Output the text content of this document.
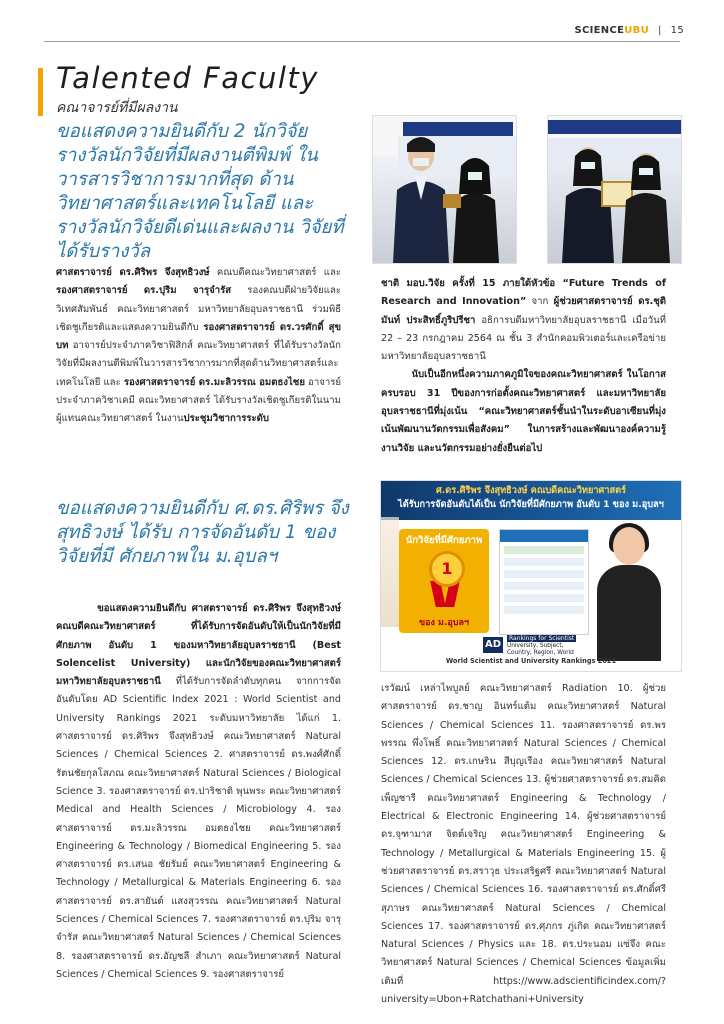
SCIENCEUBU | 15
Talented Faculty
คณาจารย์ที่มีผลงาน
ขอแสดงความยินดีกับ 2 นักวิจัย รางวัลนักวิจัยที่มีผลงานตีพิมพ์ ในวารสารวิชาการมากที่สุด ด้าน วิทยาศาสตร์และเทคโนโลยี และ รางวัลนักวิจัยดีเด่นและผลงาน วิจัยที่ได้รับรางวัล
ศาสตราจารย์ ดร.ศิริพร จึงสุทธิวงษ์ คณบดีคณะวิทยาศาสตร์ และ รองศาสตราจารย์ ดร.ปุริม จารุจำรัส รองคณบดีฝ่ายวิจัยและวิเทศสัมพันธ์ คณะวิทยาศาสตร์ มหาวิทยาลัยอุบลราชธานี ร่วมพิธีเชิดชูเกียรติและแสดงความยินดีกับ รองศาสตราจารย์ ดร.วรศักดิ์ สุขบท อาจารย์ประจำภาควิชาฟิสิกส์ คณะวิทยาศาสตร์ ที่ได้รับรางวัลนักวิจัยที่มีผลงานตีพิมพ์ในวารสารวิชาการมากที่สุดด้านวิทยาศาสตร์และเทคโนโลยี และ รองศาสตราจารย์ ดร.มะลิวรรณ อมตธงไชย อาจารย์ประจำภาควิชาเคมี คณะวิทยาศาสตร์ ได้รับรางวัลเชิดชูเกียรติในนามผู้แทนคณะวิทยาศาสตร์ ในงานประชุมวิชาการระดับ
ชาติ มอบ.วิจัย ครั้งที่ 15 ภายใต้หัวข้อ “Future Trends of Research and Innovation” จาก ผู้ช่วยศาสตราจารย์ ดร.ชุติมันท์ ประสิทธิ์ภูริปรีชา อธิการบดีมหาวิทยาลัยอุบลราชธานี เมื่อวันที่ 22 – 23 กรกฎาคม 2564 ณ ชั้น 3 สำนักคอมพิวเตอร์และเครือข่าย มหาวิทยาลัยอุบลราชธานี
นับเป็นอีกหนึ่งความภาคภูมิใจของคณะวิทยาศาสตร์ ในโอกาสครบรอบ 31 ปีของการก่อตั้งคณะวิทยาศาสตร์ และมหาวิทยาลัยอุบลราชธานีที่มุ่งเน้น “คณะวิทยาศาสตร์ชั้นนำในระดับอาเซียนที่มุ่งเน้นพัฒนานวัตกรรมเพื่อสังคม” ในการสร้างและพัฒนาองค์ความรู้ งานวิจัย และนวัตกรรมอย่างยั่งยืนต่อไป
ขอแสดงความยินดีกับ ศ.ดร.ศิริพร จึงสุทธิวงษ์ ได้รับ การจัดอันดับ 1 ของวิจัยที่มี ศักยภาพใน ม.อุบลฯ
ศ.ดร.ศิริพร จึงสุทธิวงษ์ คณบดีคณะวิทยาศาสตร์
ได้รับการจัดอันดับได้เป็น นักวิจัยที่มีศักยภาพ อันดับ 1 ของ ม.อุบลฯ
นักวิจัยที่มีศักยภาพ
1
ของ ม.อุบลฯ
AD
Rankings for Scientist
University, Subject, Country, Region, World
World Scientist and University Rankings 2021
ขอแสดงความยินดีกับ ศาสตราจารย์ ดร.ศิริพร จึงสุทธิวงษ์ คณบดีคณะวิทยาศาสตร์ ที่ได้รับการจัดอันดับให้เป็นนักวิจัยที่มีศักยภาพ อันดับ 1 ของมหาวิทยาลัยอุบลราชธานี (Best Solencelist University) และนักวิจัยของคณะวิทยาศาสตร์ มหาวิทยาลัยอุบลราชธานี ที่ได้รับการจัดลำดับทุกคน จากการจัดอันดับโดย AD Scientific Index 2021 : World Scientist and University Rankings 2021 ระดับมหาวิทยาลัย ได้แก่ 1. ศาสตราจารย์ ดร.ศิริพร จึงสุทธิวงษ์ คณะวิทยาศาสตร์ Natural Sciences / Chemical Sciences 2. ศาสตราจารย์ ดร.พงศ์ศักดิ์ รัตนชัยกุลโสภณ คณะวิทยาศาสตร์ Natural Sciences / Biological Science 3. รองศาสตราจารย์ ดร.ปาริชาติ พุนพระ คณะวิทยาศาสตร์ Medical and Health Sciences / Microbiology 4. รองศาสตราจารย์ ดร.มะลิวรรณ อมตธงไชย คณะวิทยาศาสตร์ Engineering & Technology / Biomedical Engineering 5. รองศาสตราจารย์ ดร.เสนอ ชัยรัมย์ คณะวิทยาศาสตร์ Engineering & Technology / Metallurgical & Materials Engineering 6. รองศาสตราจารย์ ดร.สายันต์ แสงสุวรรณ คณะวิทยาศาสตร์ Natural Sciences / Chemical Sciences 7. รองศาสตราจารย์ ดร.ปุริม จารุจำรัส คณะวิทยาศาสตร์ Natural Sciences / Chemical Sciences 8. รองศาสตราจารย์ ดร.อัญชลี สำเภา คณะวิทยาศาสตร์ Natural Sciences / Chemical Sciences 9. รองศาสตราจารย์
เรวัฒน์ เหล่าไพบูลย์ คณะวิทยาศาสตร์ Radiation 10. ผู้ช่วยศาสตราจารย์ ดร.ชาญ อินทร์แต้ม คณะวิทยาศาสตร์ Natural Sciences / Chemical Sciences 11. รองศาสตราจารย์ ดร.พรพรรณ พึ่งโพธิ์ คณะวิทยาศาสตร์ Natural Sciences / Chemical Sciences 12. ดร.เกษริน สีบุญเรือง คณะวิทยาศาสตร์ Natural Sciences / Chemical Sciences 13. ผู้ช่วยศาสตราจารย์ ดร.สมคิด เพ็ญชารี คณะวิทยาศาสตร์ Engineering & Technology / Electrical & Electronic Engineering 14. ผู้ช่วยศาสตราจารย์ ดร.จุฑามาส จิตต์เจริญ คณะวิทยาศาสตร์ Engineering & Technology / Metallurgical & Materials Engineering 15. ผู้ช่วยศาสตราจารย์ ดร.สราวุธ ประเสริฐศรี คณะวิทยาศาสตร์ Natural Sciences / Chemical Sciences 16. รองศาสตราจารย์ ดร.ศักดิ์ศรี สุภาษร คณะวิทยาศาสตร์ Natural Sciences / Chemical Sciences 17. รองศาสตราจารย์ ดร.ศุภกร ภู่เกิด คณะวิทยาศาสตร์ Natural Sciences / Physics และ 18. ดร.ประนอม แซ่จึง คณะวิทยาศาสตร์ Natural Sciences / Chemical Sciences ข้อมูลเพิ่มเติมที่ https://www.adscientificindex.com/?university=Ubon+Ratchathani+University
